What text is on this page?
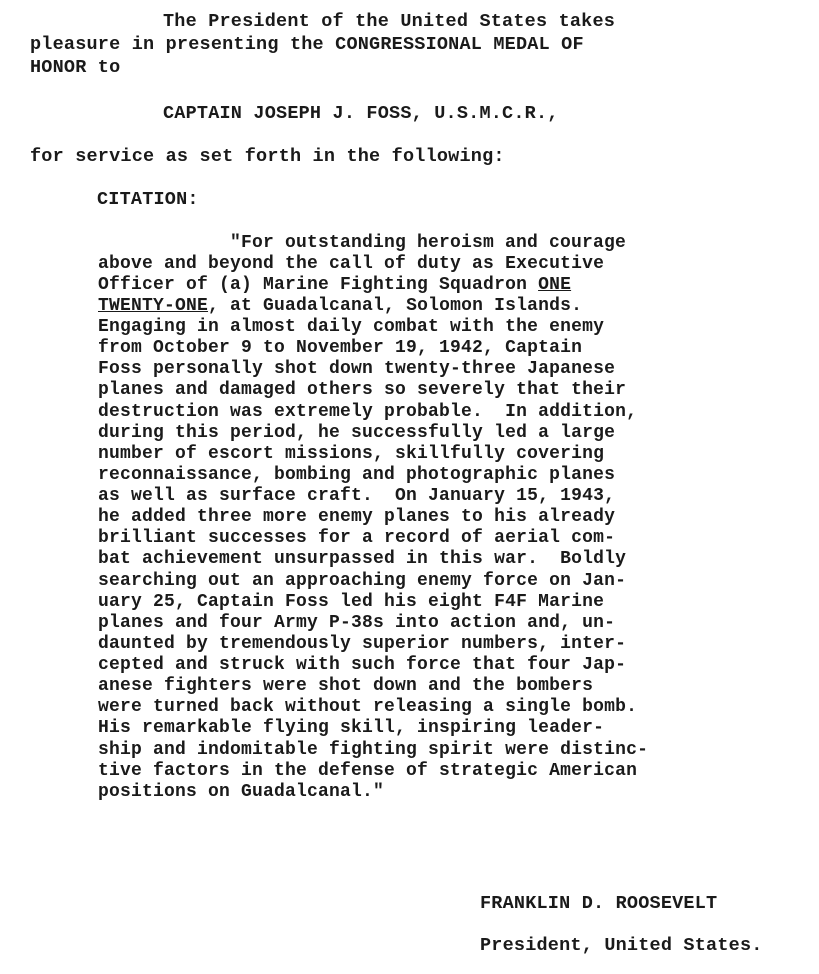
The President of the United States takes
pleasure in presenting the CONGRESSIONAL MEDAL OF
HONOR to
CAPTAIN JOSEPH J. FOSS, U.S.M.C.R.,
for service as set forth in the following:
CITATION:
"For outstanding heroism and courage
above and beyond the call of duty as Executive
Officer of (a) Marine Fighting Squadron ONE
TWENTY-ONE, at Guadalcanal, Solomon Islands.
Engaging in almost daily combat with the enemy
from October 9 to November 19, 1942, Captain
Foss personally shot down twenty-three Japanese
planes and damaged others so severely that their
destruction was extremely probable.  In addition,
during this period, he successfully led a large
number of escort missions, skillfully covering
reconnaissance, bombing and photographic planes
as well as surface craft.  On January 15, 1943,
he added three more enemy planes to his already
brilliant successes for a record of aerial com-
bat achievement unsurpassed in this war.  Boldly
searching out an approaching enemy force on Jan-
uary 25, Captain Foss led his eight F4F Marine
planes and four Army P-38s into action and, un-
daunted by tremendously superior numbers, inter-
cepted and struck with such force that four Jap-
anese fighters were shot down and the bombers
were turned back without releasing a single bomb.
His remarkable flying skill, inspiring leader-
ship and indomitable fighting spirit were distinc-
tive factors in the defense of strategic American
positions on Guadalcanal."
FRANKLIN D. ROOSEVELT
President, United States.
